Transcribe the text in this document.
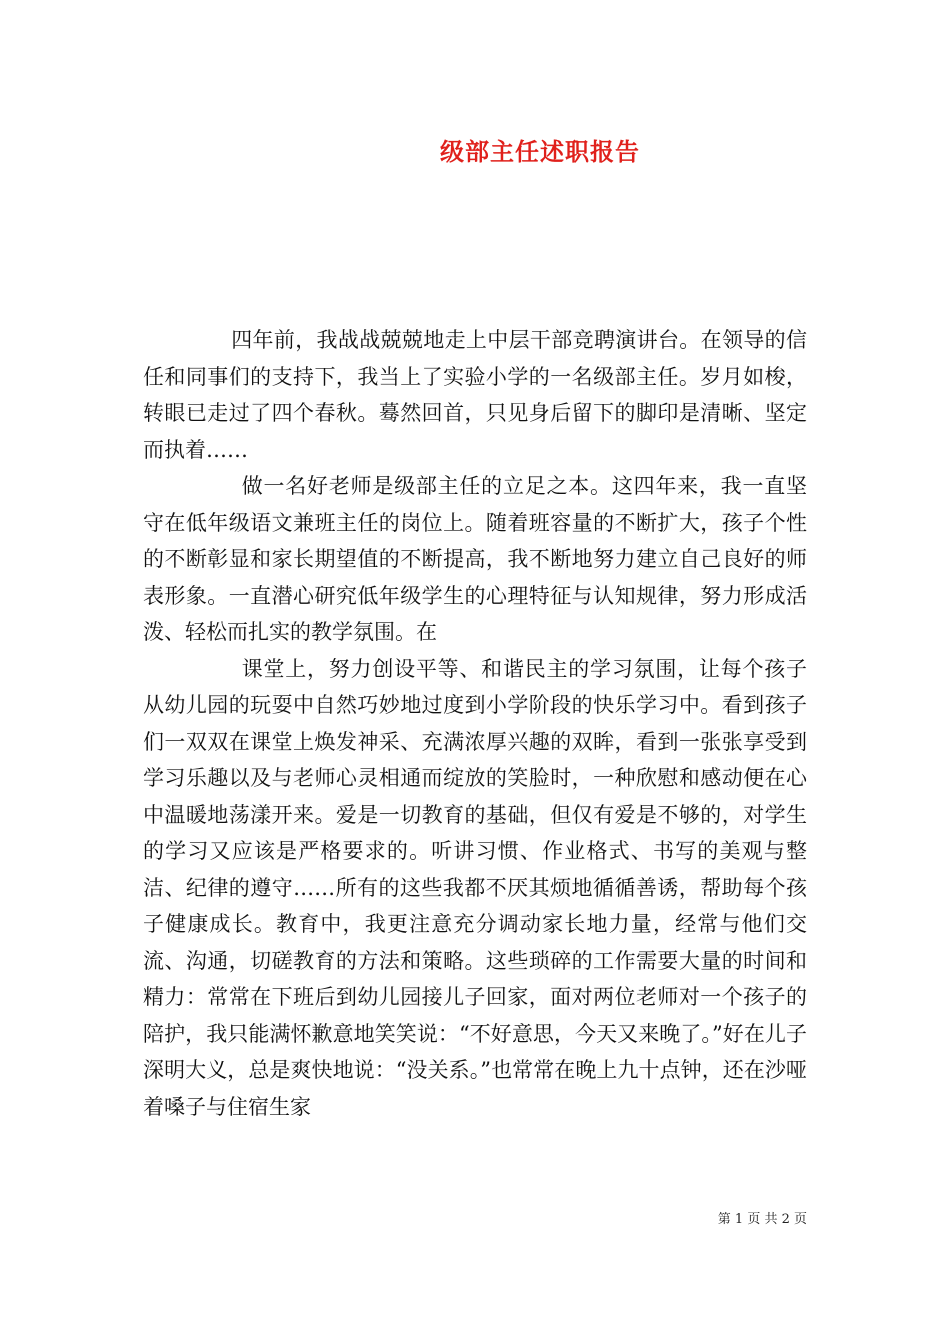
级部主任述职报告

四年前，我战战兢兢地走上中层干部竞聘演讲台。在领导的信任和同事们的支持下，我当上了实验小学的一名级部主任。岁月如梭，转眼已走过了四个春秋。蓦然回首，只见身后留下的脚印是清晰、坚定而执着……

做一名好老师是级部主任的立足之本。这四年来，我一直坚守在低年级语文兼班主任的岗位上。随着班容量的不断扩大，孩子个性的不断彰显和家长期望值的不断提高，我不断地努力建立自己良好的师表形象。一直潜心研究低年级学生的心理特征与认知规律，努力形成活泼、轻松而扎实的教学氛围。在

课堂上，努力创设平等、和谐民主的学习氛围，让每个孩子从幼儿园的玩耍中自然巧妙地过度到小学阶段的快乐学习中。看到孩子们一双双在课堂上焕发神采、充满浓厚兴趣的双眸，看到一张张享受到学习乐趣以及与老师心灵相通而绽放的笑脸时，一种欣慰和感动便在心中温暖地荡漾开来。爱是一切教育的基础，但仅有爱是不够的，对学生的学习又应该是严格要求的。听讲习惯、作业格式、书写的美观与整洁、纪律的遵守……所有的这些我都不厌其烦地循循善诱，帮助每个孩子健康成长。教育中，我更注意充分调动家长地力量，经常与他们交流、沟通，切磋教育的方法和策略。这些琐碎的工作需要大量的时间和精力：常常在下班后到幼儿园接儿子回家，面对两位老师对一个孩子的陪护，我只能满怀歉意地笑笑说：“不好意思，今天又来晚了。”好在儿子深明大义，总是爽快地说：“没关系。”也常常在晚上九十点钟，还在沙哑着嗓子与住宿生家

第 1 页 共 2 页
